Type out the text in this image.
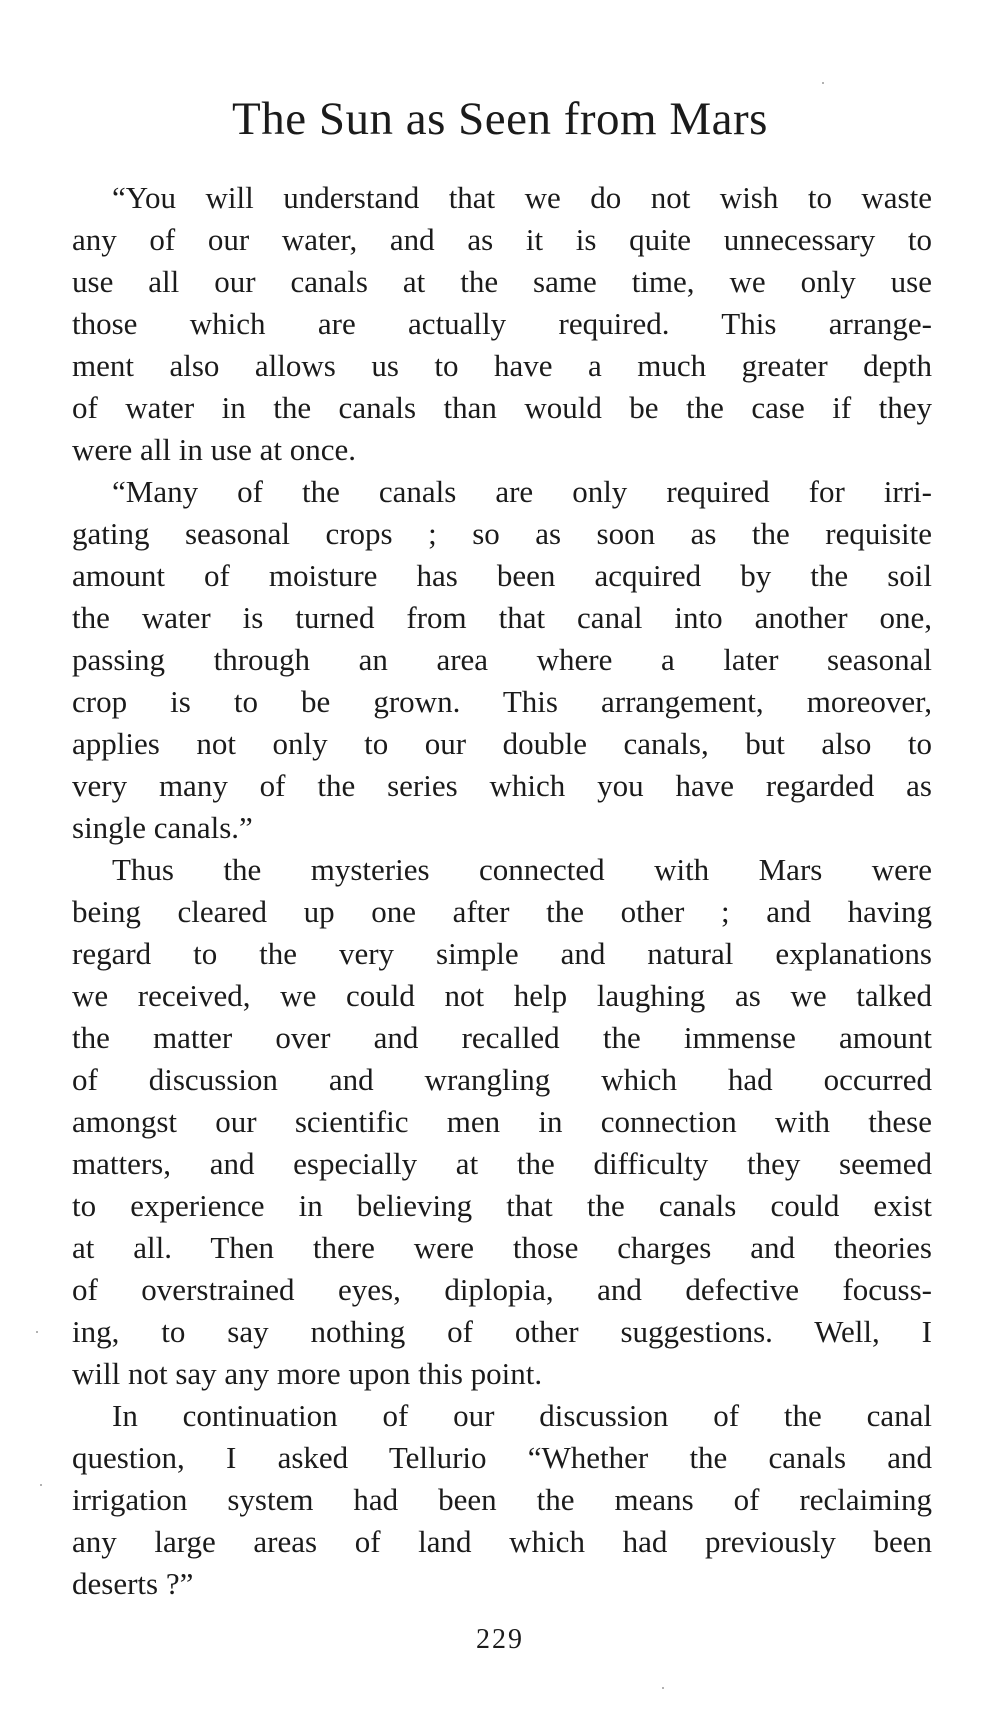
The Sun as Seen from Mars
“You will understand that we do not wish to waste
any of our water, and as it is quite unnecessary to
use all our canals at the same time, we only use
those which are actually required. This arrange-
ment also allows us to have a much greater depth
of water in the canals than would be the case if they
were all in use at once.
“Many of the canals are only required for irri-
gating seasonal crops ; so as soon as the requisite
amount of moisture has been acquired by the soil
the water is turned from that canal into another one,
passing through an area where a later seasonal
crop is to be grown. This arrangement, moreover,
applies not only to our double canals, but also to
very many of the series which you have regarded as
single canals.”
Thus the mysteries connected with Mars were
being cleared up one after the other ; and having
regard to the very simple and natural explanations
we received, we could not help laughing as we talked
the matter over and recalled the immense amount
of discussion and wrangling which had occurred
amongst our scientific men in connection with these
matters, and especially at the difficulty they seemed
to experience in believing that the canals could exist
at all. Then there were those charges and theories
of overstrained eyes, diplopia, and defective focuss-
ing, to say nothing of other suggestions. Well, I
will not say any more upon this point.
In continuation of our discussion of the canal
question, I asked Tellurio “Whether the canals and
irrigation system had been the means of reclaiming
any large areas of land which had previously been
deserts ?”
229
